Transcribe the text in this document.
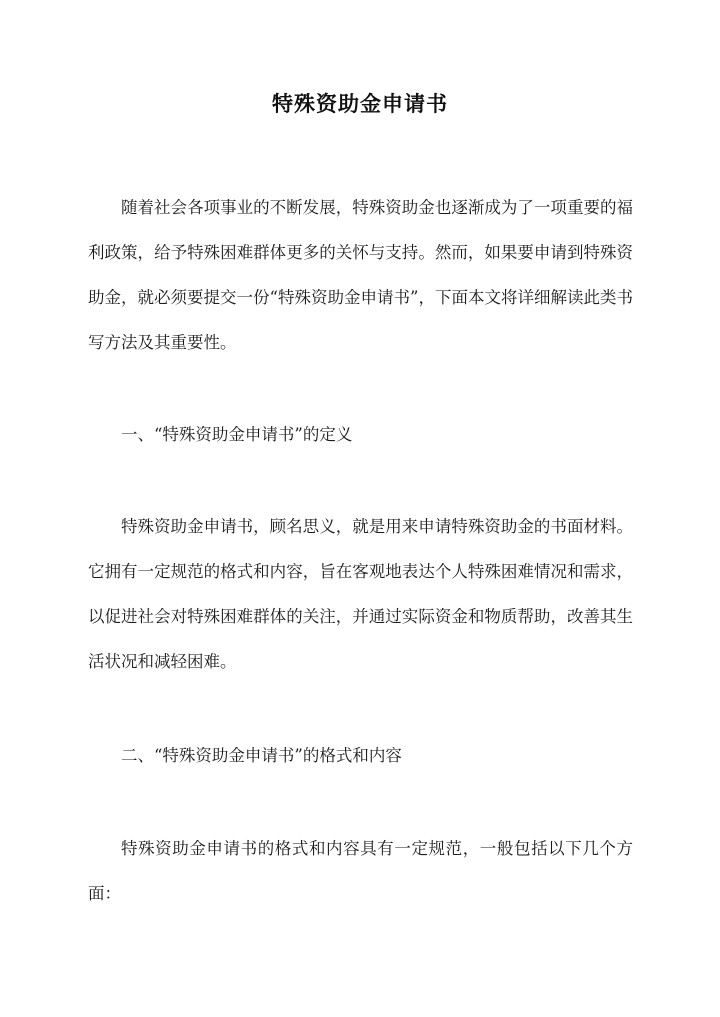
特殊资助金申请书
随着社会各项事业的不断发展，特殊资助金也逐渐成为了一项重要的福利政策，给予特殊困难群体更多的关怀与支持。然而，如果要申请到特殊资助金，就必须要提交一份“特殊资助金申请书”，下面本文将详细解读此类书写方法及其重要性。
一、“特殊资助金申请书”的定义
特殊资助金申请书，顾名思义，就是用来申请特殊资助金的书面材料。它拥有一定规范的格式和内容，旨在客观地表达个人特殊困难情况和需求，以促进社会对特殊困难群体的关注，并通过实际资金和物质帮助，改善其生活状况和减轻困难。
二、“特殊资助金申请书”的格式和内容
特殊资助金申请书的格式和内容具有一定规范，一般包括以下几个方面：
